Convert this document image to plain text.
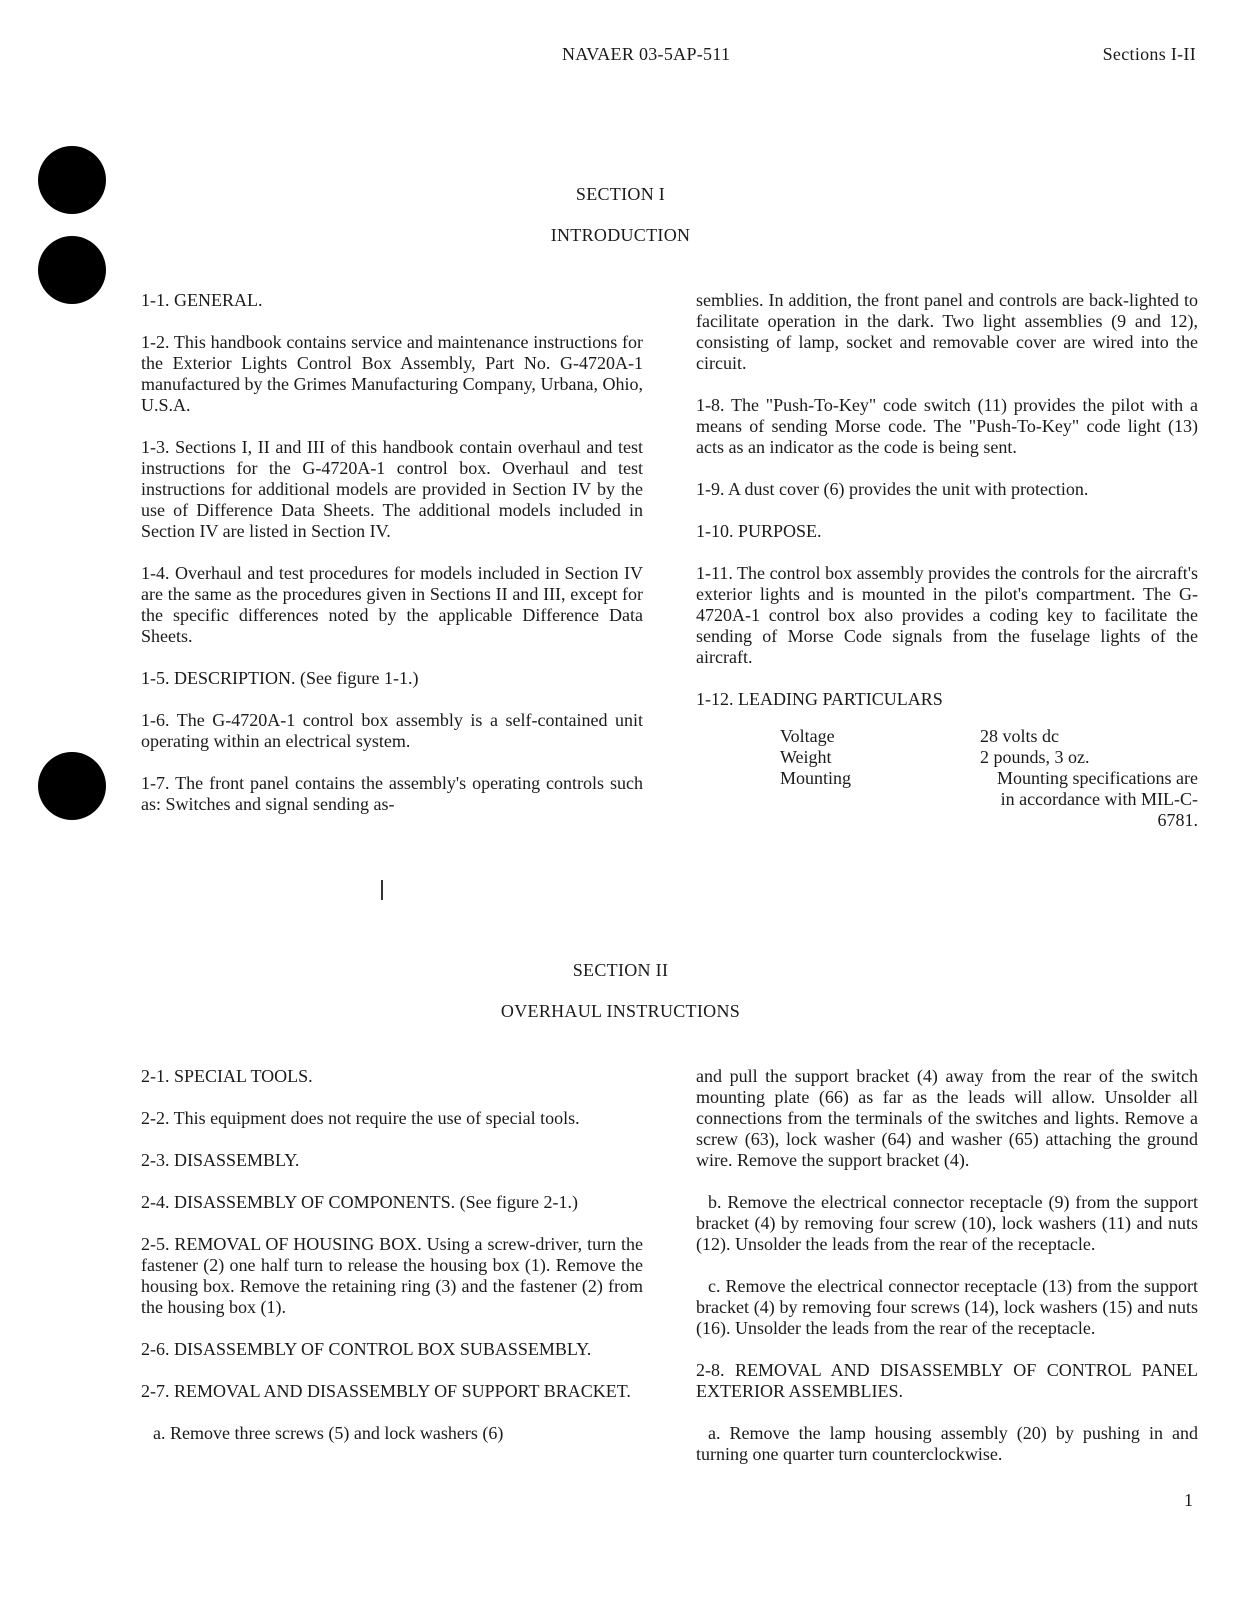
NAVAER 03-5AP-511	Sections I-II
SECTION I
INTRODUCTION

1-1. GENERAL.

1-2. This handbook contains service and maintenance instructions for the Exterior Lights Control Box Assembly, Part No. G-4720A-1 manufactured by the Grimes Manufacturing Company, Urbana, Ohio, U.S.A.

1-3. Sections I, II and III of this handbook contain overhaul and test instructions for the G-4720A-1 control box. Overhaul and test instructions for additional models are provided in Section IV by the use of Difference Data Sheets. The additional models included in Section IV are listed in Section IV.

1-4. Overhaul and test procedures for models included in Section IV are the same as the procedures given in Sections II and III, except for the specific differences noted by the applicable Difference Data Sheets.

1-5. DESCRIPTION. (See figure 1-1.)

1-6. The G-4720A-1 control box assembly is a self-contained unit operating within an electrical system.

1-7. The front panel contains the assembly's operating controls such as: Switches and signal sending as-

semblies. In addition, the front panel and controls are back-lighted to facilitate operation in the dark. Two light assemblies (9 and 12), consisting of lamp, socket and removable cover are wired into the circuit.

1-8. The "Push-To-Key" code switch (11) provides the pilot with a means of sending Morse code. The "Push-To-Key" code light (13) acts as an indicator as the code is being sent.

1-9. A dust cover (6) provides the unit with protection.

1-10. PURPOSE.

1-11. The control box assembly provides the controls for the aircraft's exterior lights and is mounted in the pilot's compartment. The G-4720A-1 control box also provides a coding key to facilitate the sending of Morse Code signals from the fuselage lights of the aircraft.

1-12. LEADING PARTICULARS

Voltage	28 volts dc
Weight	2 pounds, 3 oz.
Mounting	Mounting specifications are in accordance with MIL-C-6781.
SECTION II
OVERHAUL INSTRUCTIONS

2-1. SPECIAL TOOLS.

2-2. This equipment does not require the use of special tools.

2-3. DISASSEMBLY.

2-4. DISASSEMBLY OF COMPONENTS. (See figure 2-1.)

2-5. REMOVAL OF HOUSING BOX. Using a screw-driver, turn the fastener (2) one half turn to release the housing box (1). Remove the housing box. Remove the retaining ring (3) and the fastener (2) from the housing box (1).

2-6. DISASSEMBLY OF CONTROL BOX SUBASSEMBLY.

2-7. REMOVAL AND DISASSEMBLY OF SUPPORT BRACKET.

a. Remove three screws (5) and lock washers (6)

and pull the support bracket (4) away from the rear of the switch mounting plate (66) as far as the leads will allow. Unsolder all connections from the terminals of the switches and lights. Remove a screw (63), lock washer (64) and washer (65) attaching the ground wire. Remove the support bracket (4).

b. Remove the electrical connector receptacle (9) from the support bracket (4) by removing four screw (10), lock washers (11) and nuts (12). Unsolder the leads from the rear of the receptacle.

c. Remove the electrical connector receptacle (13) from the support bracket (4) by removing four screws (14), lock washers (15) and nuts (16). Unsolder the leads from the rear of the receptacle.

2-8. REMOVAL AND DISASSEMBLY OF CONTROL PANEL EXTERIOR ASSEMBLIES.

a. Remove the lamp housing assembly (20) by pushing in and turning one quarter turn counterclockwise.

1
